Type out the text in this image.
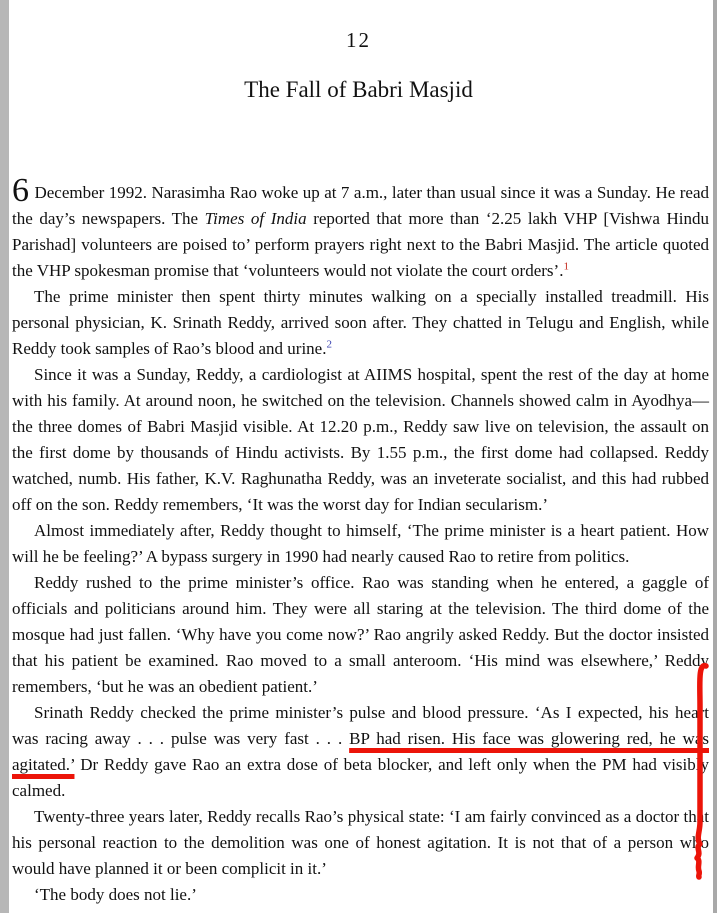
12
The Fall of Babri Masjid

6 December 1992. Narasimha Rao woke up at 7 a.m., later than usual since it was a Sunday. He read the day’s newspapers. The Times of India reported that more than ‘2.25 lakh VHP [Vishwa Hindu Parishad] volunteers are poised to’ perform prayers right next to the Babri Masjid. The article quoted the VHP spokesman promise that ‘volunteers would not violate the court orders’.$^1$

The prime minister then spent thirty minutes walking on a specially installed treadmill. His personal physician, K. Srinath Reddy, arrived soon after. They chatted in Telugu and English, while Reddy took samples of Rao’s blood and urine.$^2$

Since it was a Sunday, Reddy, a cardiologist at AIIMS hospital, spent the rest of the day at home with his family. At around noon, he switched on the television. Channels showed calm in Ayodhya—the three domes of Babri Masjid visible. At 12.20 p.m., Reddy saw live on television, the assault on the first dome by thousands of Hindu activists. By 1.55 p.m., the first dome had collapsed. Reddy watched, numb. His father, K.V. Raghunatha Reddy, was an inveterate socialist, and this had rubbed off on the son. Reddy remembers, ‘It was the worst day for Indian secularism.’

Almost immediately after, Reddy thought to himself, ‘The prime minister is a heart patient. How will he be feeling?’ A bypass surgery in 1990 had nearly caused Rao to retire from politics.

Reddy rushed to the prime minister’s office. Rao was standing when he entered, a gaggle of officials and politicians around him. They were all staring at the television. The third dome of the mosque had just fallen. ‘Why have you come now?’ Rao angrily asked Reddy. But the doctor insisted that his patient be examined. Rao moved to a small anteroom. ‘His mind was elsewhere,’ Reddy remembers, ‘but he was an obedient patient.’

Srinath Reddy checked the prime minister’s pulse and blood pressure. ‘As I expected, his heart was racing away . . . pulse was very fast . . . BP had risen. His face was glowering red, he was agitated.’ Dr Reddy gave Rao an extra dose of beta blocker, and left only when the PM had visibly calmed.

Twenty-three years later, Reddy recalls Rao’s physical state: ‘I am fairly convinced as a doctor that his personal reaction to the demolition was one of honest agitation. It is not that of a person who would have planned it or been complicit in it.’

‘The body does not lie.’
